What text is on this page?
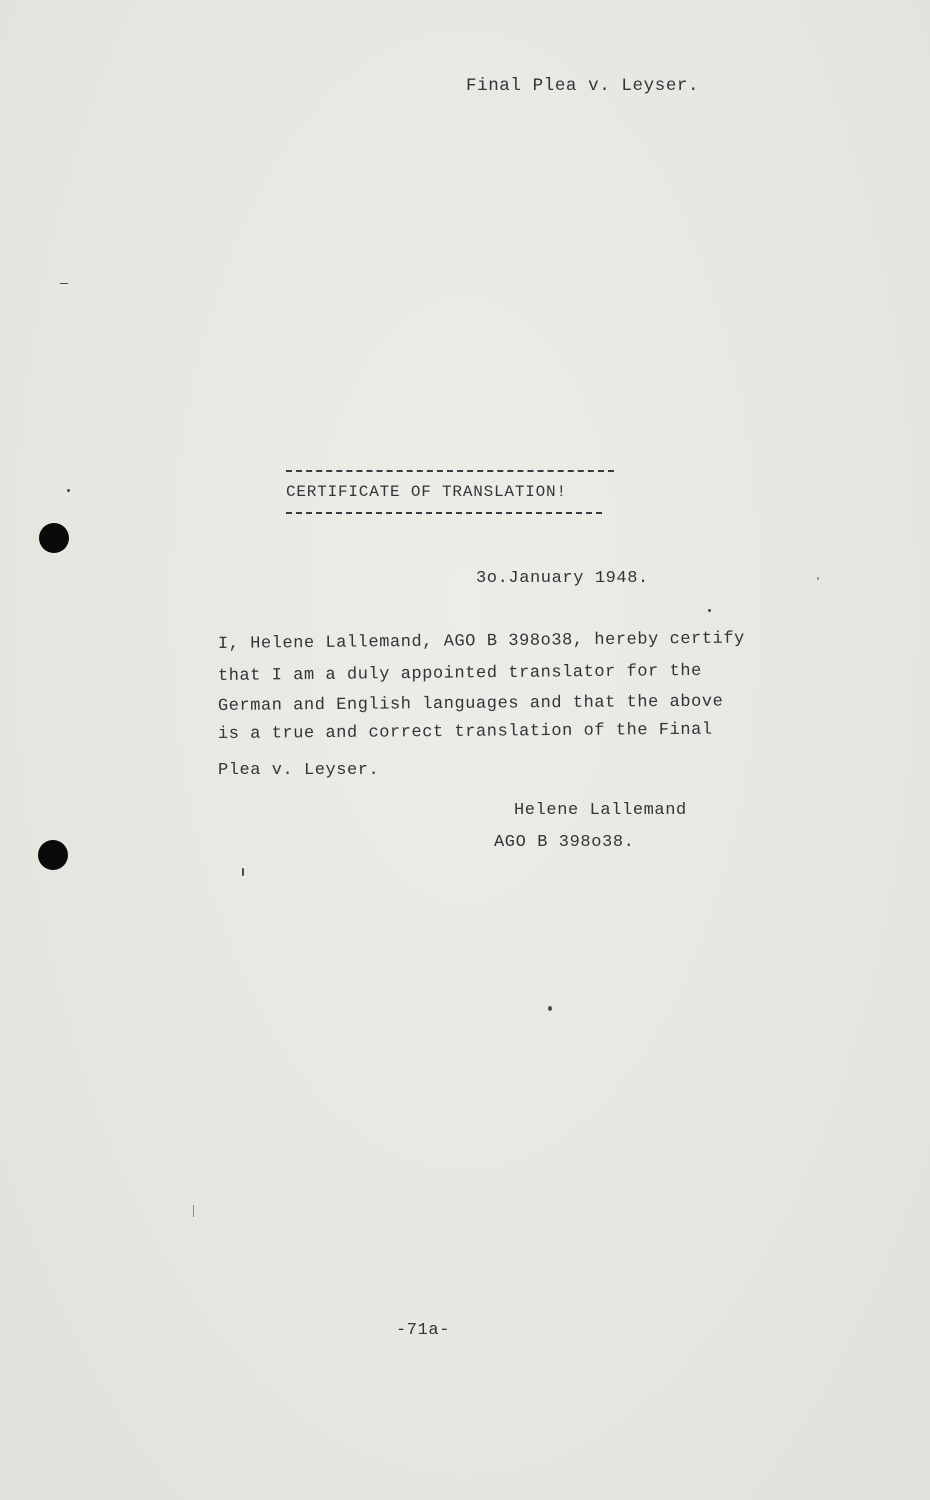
Final Plea v. Leyser.
CERTIFICATE OF TRANSLATION!
3o.January 1948.
I, Helene Lallemand, AGO B 398o38, hereby certify
that I am a duly appointed translator for the
German and English languages and that the above
is a true and correct translation of the Final
Plea v. Leyser.
Helene Lallemand
AGO B 398o38.
-71a-
